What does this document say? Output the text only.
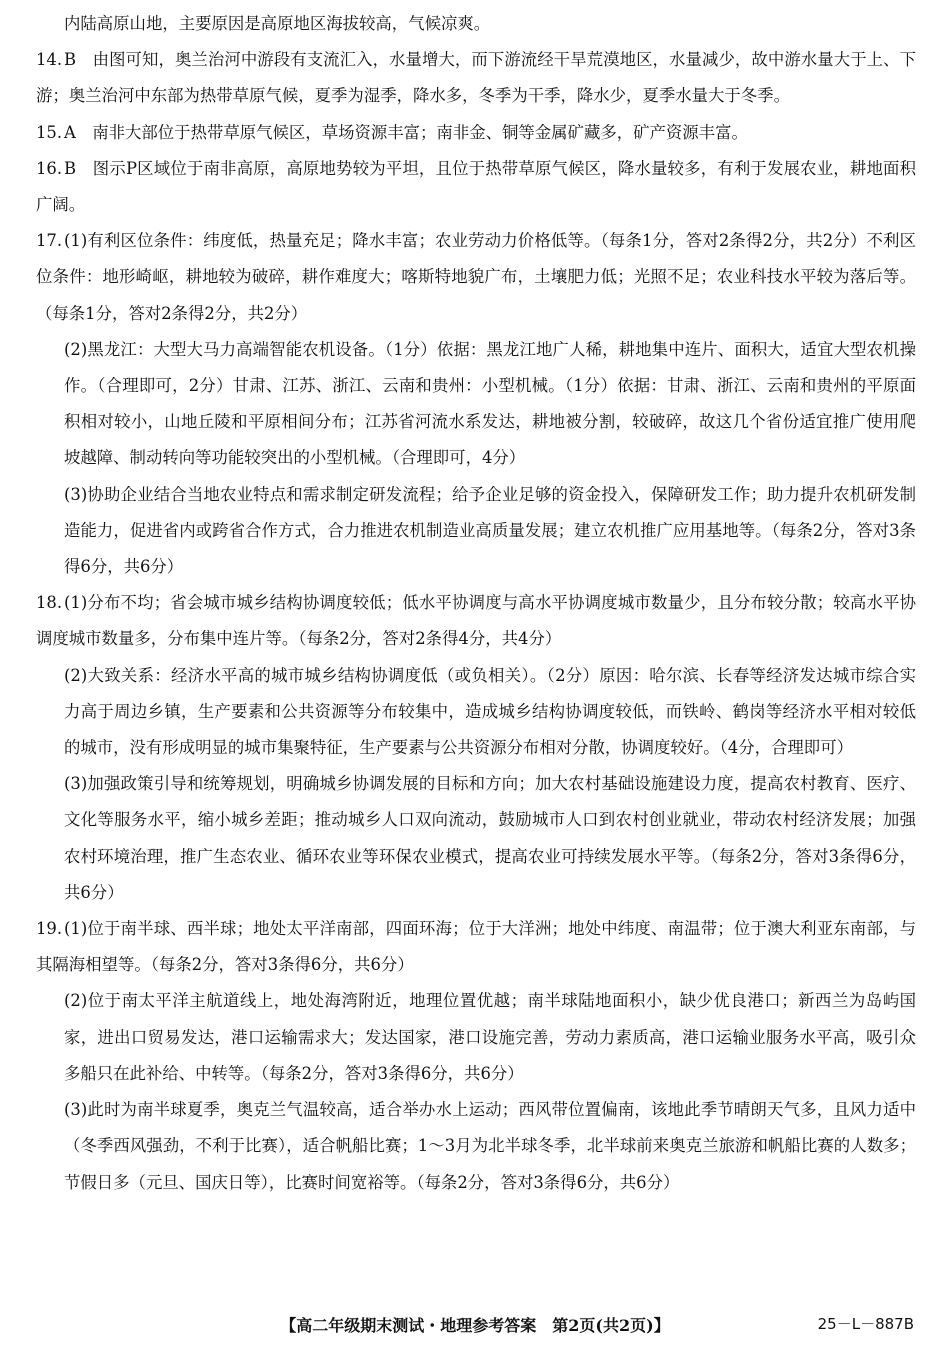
内陆高原山地，主要原因是高原地区海拔较高，气候凉爽。

14. B　由图可知，奥兰治河中游段有支流汇入，水量增大，而下游流经干旱荒漠地区，水量减少，故中游水量大于上、下游；奥兰治河中东部为热带草原气候，夏季为湿季，降水多，冬季为干季，降水少，夏季水量大于冬季。

15. A　南非大部位于热带草原气候区，草场资源丰富；南非金、铜等金属矿藏多，矿产资源丰富。

16. B　图示P区域位于南非高原，高原地势较为平坦，且位于热带草原气候区，降水量较多，有利于发展农业，耕地面积广阔。

17. (1)有利区位条件：纬度低，热量充足；降水丰富；农业劳动力价格低等。（每条1分，答对2条得2分，共2分）不利区位条件：地形崎岖，耕地较为破碎，耕作难度大；喀斯特地貌广布，土壤肥力低；光照不足；农业科技水平较为落后等。（每条1分，答对2条得2分，共2分）

(2)黑龙江：大型大马力高端智能农机设备。（1分）依据：黑龙江地广人稀，耕地集中连片、面积大，适宜大型农机操作。（合理即可，2分）甘肃、江苏、浙江、云南和贵州：小型机械。（1分）依据：甘肃、浙江、云南和贵州的平原面积相对较小，山地丘陵和平原相间分布；江苏省河流水系发达，耕地被分割，较破碎，故这几个省份适宜推广使用爬坡越障、制动转向等功能较突出的小型机械。（合理即可，4分）

(3)协助企业结合当地农业特点和需求制定研发流程；给予企业足够的资金投入，保障研发工作；助力提升农机研发制造能力，促进省内或跨省合作方式，合力推进农机制造业高质量发展；建立农机推广应用基地等。（每条2分，答对3条得6分，共6分）

18. (1)分布不均；省会城市城乡结构协调度较低；低水平协调度与高水平协调度城市数量少，且分布较分散；较高水平协调度城市数量多，分布集中连片等。（每条2分，答对2条得4分，共4分）

(2)大致关系：经济水平高的城市城乡结构协调度低（或负相关）。（2分）原因：哈尔滨、长春等经济发达城市综合实力高于周边乡镇，生产要素和公共资源等分布较集中，造成城乡结构协调度较低，而铁岭、鹤岗等经济水平相对较低的城市，没有形成明显的城市集聚特征，生产要素与公共资源分布相对分散，协调度较好。（4分，合理即可）

(3)加强政策引导和统筹规划，明确城乡协调发展的目标和方向；加大农村基础设施建设力度，提高农村教育、医疗、文化等服务水平，缩小城乡差距；推动城乡人口双向流动，鼓励城市人口到农村创业就业，带动农村经济发展；加强农村环境治理，推广生态农业、循环农业等环保农业模式，提高农业可持续发展水平等。（每条2分，答对3条得6分，共6分）

19. (1)位于南半球、西半球；地处太平洋南部，四面环海；位于大洋洲；地处中纬度、南温带；位于澳大利亚东南部，与其隔海相望等。（每条2分，答对3条得6分，共6分）

(2)位于南太平洋主航道线上，地处海湾附近，地理位置优越；南半球陆地面积小，缺少优良港口；新西兰为岛屿国家，进出口贸易发达，港口运输需求大；发达国家，港口设施完善，劳动力素质高，港口运输业服务水平高，吸引众多船只在此补给、中转等。（每条2分，答对3条得6分，共6分）

(3)此时为南半球夏季，奥克兰气温较高，适合举办水上运动；西风带位置偏南，该地此季节晴朗天气多，且风力适中（冬季西风强劲，不利于比赛），适合帆船比赛；1～3月为北半球冬季，北半球前来奥克兰旅游和帆船比赛的人数多；节假日多（元旦、国庆日等），比赛时间宽裕等。（每条2分，答对3条得6分，共6分）

【高二年级期末测试・地理参考答案　第2页(共2页)】	25－L－887B
